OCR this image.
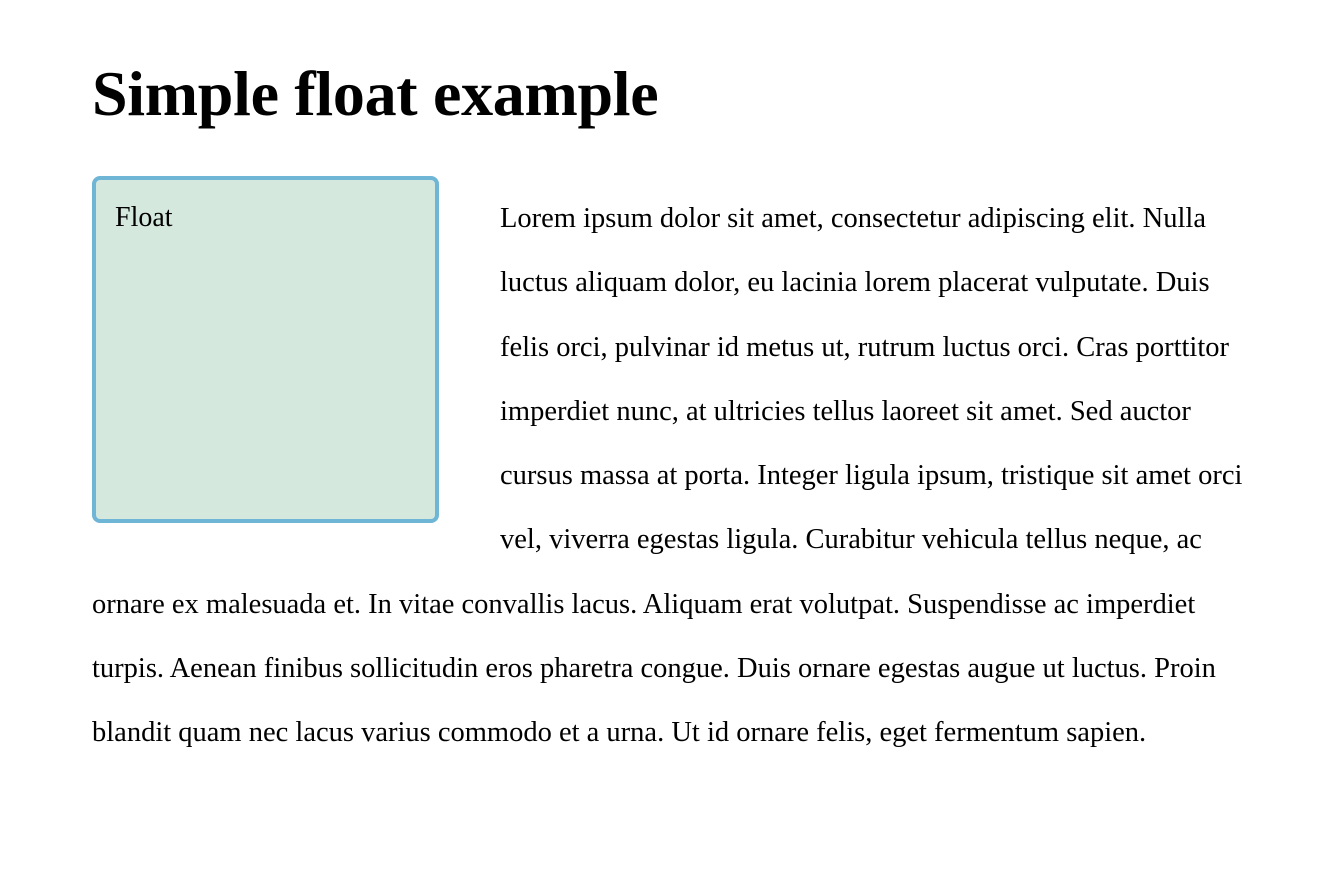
Simple float example
Float	Lorem ipsum dolor sit amet, consectetur adipiscing elit. Nulla luctus aliquam dolor, eu lacinia lorem placerat vulputate. Duis felis orci, pulvinar id metus ut, rutrum luctus orci. Cras porttitor imperdiet nunc, at ultricies tellus laoreet sit amet. Sed auctor cursus massa at porta. Integer ligula ipsum, tristique sit amet orci vel, viverra egestas ligula. Curabitur vehicula tellus neque, ac ornare ex malesuada et. In vitae convallis lacus. Aliquam erat volutpat. Suspendisse ac imperdiet turpis. Aenean finibus sollicitudin eros pharetra congue. Duis ornare egestas augue ut luctus. Proin blandit quam nec lacus varius commodo et a urna. Ut id ornare felis, eget fermentum sapien.
